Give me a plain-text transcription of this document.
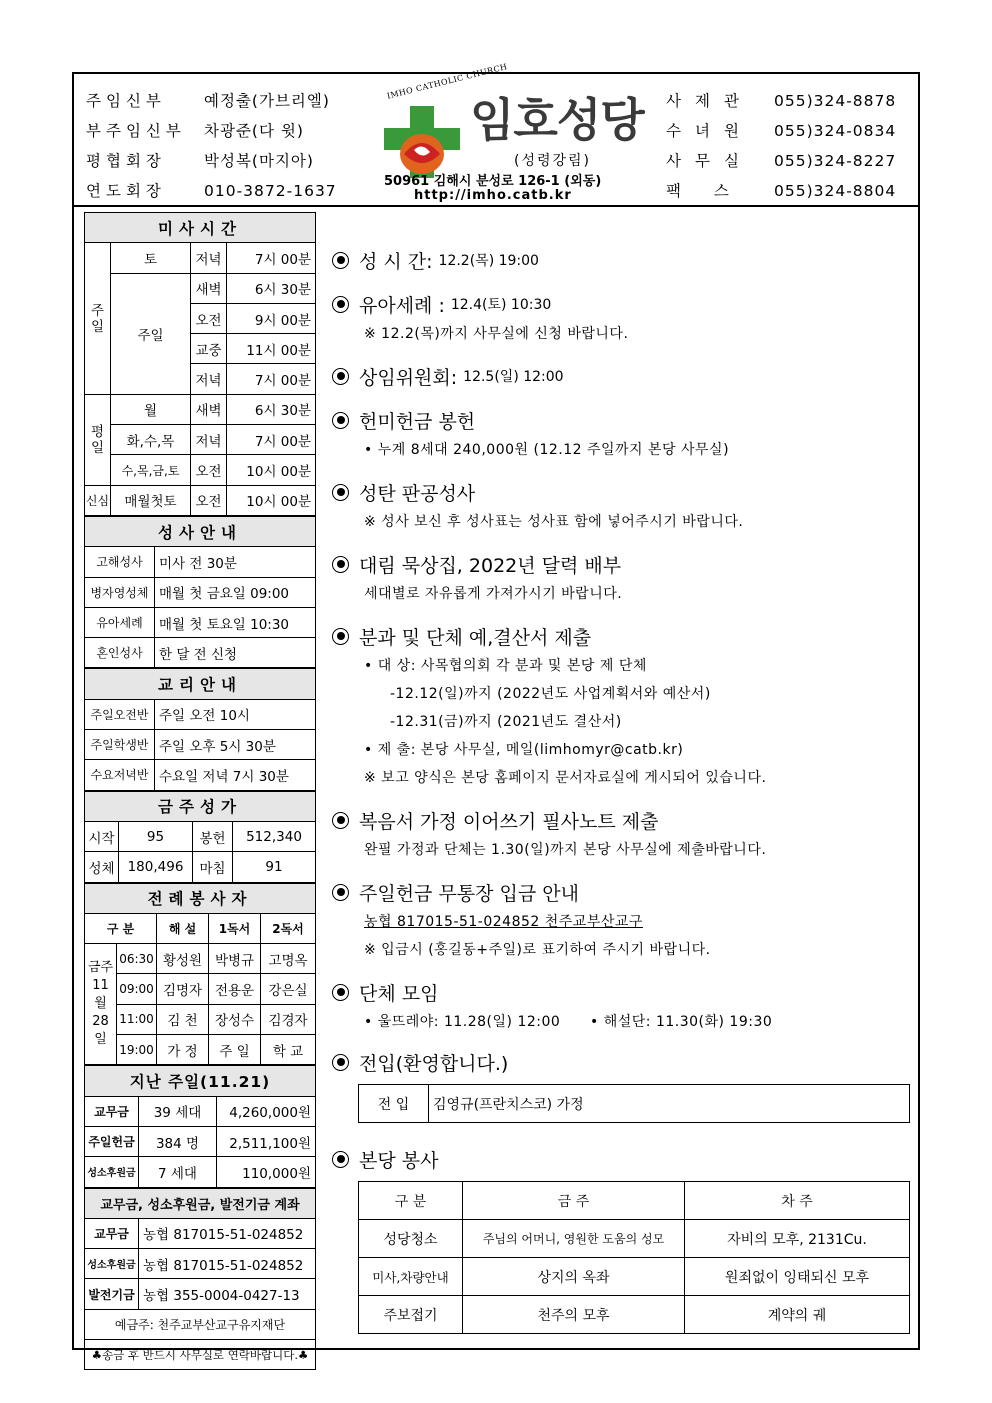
주임신부	예정출(가브리엘)
부주임신부	차광준(다 윗)
평협회장	박성복(마지아)
연도회장	010-3872-1637
IMHO CATHOLIC CHURCH
임호성당
(성령강림)
50961 김해시 분성로 126-1 (외동)
http://imho.catb.kr
사제관	055)324-8878
수녀원	055)324-0834
사무실	055)324-8227
팩 스	055)324-8804
미사시간			
주일	토	저녁	7시 00분
	주일	새벽	6시 30분
		오전	9시 00분
		교중	11시 00분
		저녁	7시 00분
평일	월	새벽	6시 30분
	화,수,목	저녁	7시 00분
	수,목,금,토	오전	10시 00분
신심	매월첫토	오전	10시 00분
성사안내	
고해성사	미사 전 30분
병자영성체	매월 첫 금요일 09:00
유아세례	매월 첫 토요일 10:30
혼인성사	한 달 전 신청
교리안내	
주일오전반	주일 오전 10시
주일학생반	주일 오후 5시 30분
수요저녁반	수요일 저녁 7시 30분
금주성가			
시작	95	봉헌	512,340
성체	180,496	마침	91
전례봉사자				
구 분		해 설	1독서	2독서
금주 11월 28일	06:30	황성원	박병규	고명옥
	09:00	김명자	전용운	강은실
	11:00	김 천	장성수	김경자
	19:00	가 정	주 일	학 교
지난 주일(11.21)		
교무금	39 세대	4,260,000원
주일헌금	384 명	2,511,100원
성소후원금	7 세대	110,000원
교무금, 성소후원금, 발전기금 계좌	
교무금	농협 817015-51-024852
성소후원금	농협 817015-51-024852
발전기금	농협 355-0004-0427-13
예금주: 천주교부산교구유지재단	
♣송금 후 반드시 사무실로 연락바랍니다.♣	
성 시 간: 12.2(목) 19:00
유아세례 : 12.4(토) 10:30
※ 12.2(목)까지 사무실에 신청 바랍니다.
상임위원회: 12.5(일) 12:00
헌미헌금 봉헌
• 누계 8세대 240,000원 (12.12 주일까지 본당 사무실)
성탄 판공성사
※ 성사 보신 후 성사표는 성사표 함에 넣어주시기 바랍니다.
대림 묵상집, 2022년 달력 배부
세대별로 자유롭게 가져가시기 바랍니다.
분과 및 단체 예,결산서 제출
• 대 상: 사목협의회 각 분과 및 본당 제 단체
-12.12(일)까지 (2022년도 사업계획서와 예산서)
-12.31(금)까지 (2021년도 결산서)
• 제 출: 본당 사무실, 메일(limhomyr@catb.kr)
※ 보고 양식은 본당 홈페이지 문서자료실에 게시되어 있습니다.
복음서 가정 이어쓰기 필사노트 제출
완필 가정과 단체는 1.30(일)까지 본당 사무실에 제출바랍니다.
주일헌금 무통장 입금 안내
농협 817015-51-024852 천주교부산교구
※ 입금시 (홍길동+주일)로 표기하여 주시기 바랍니다.
단체 모임
• 울뜨레야: 11.28(일) 12:00      • 해설단: 11.30(화) 19:30
전입(환영합니다.)
전 입	김영규(프란치스코) 가정
본당 봉사
구 분	금 주	차 주
성당청소	주님의 어머니, 영원한 도움의 성모	자비의 모후, 2131Cu.
미사,차량안내	상지의 옥좌	원죄없이 잉태되신 모후
주보접기	천주의 모후	계약의 궤
